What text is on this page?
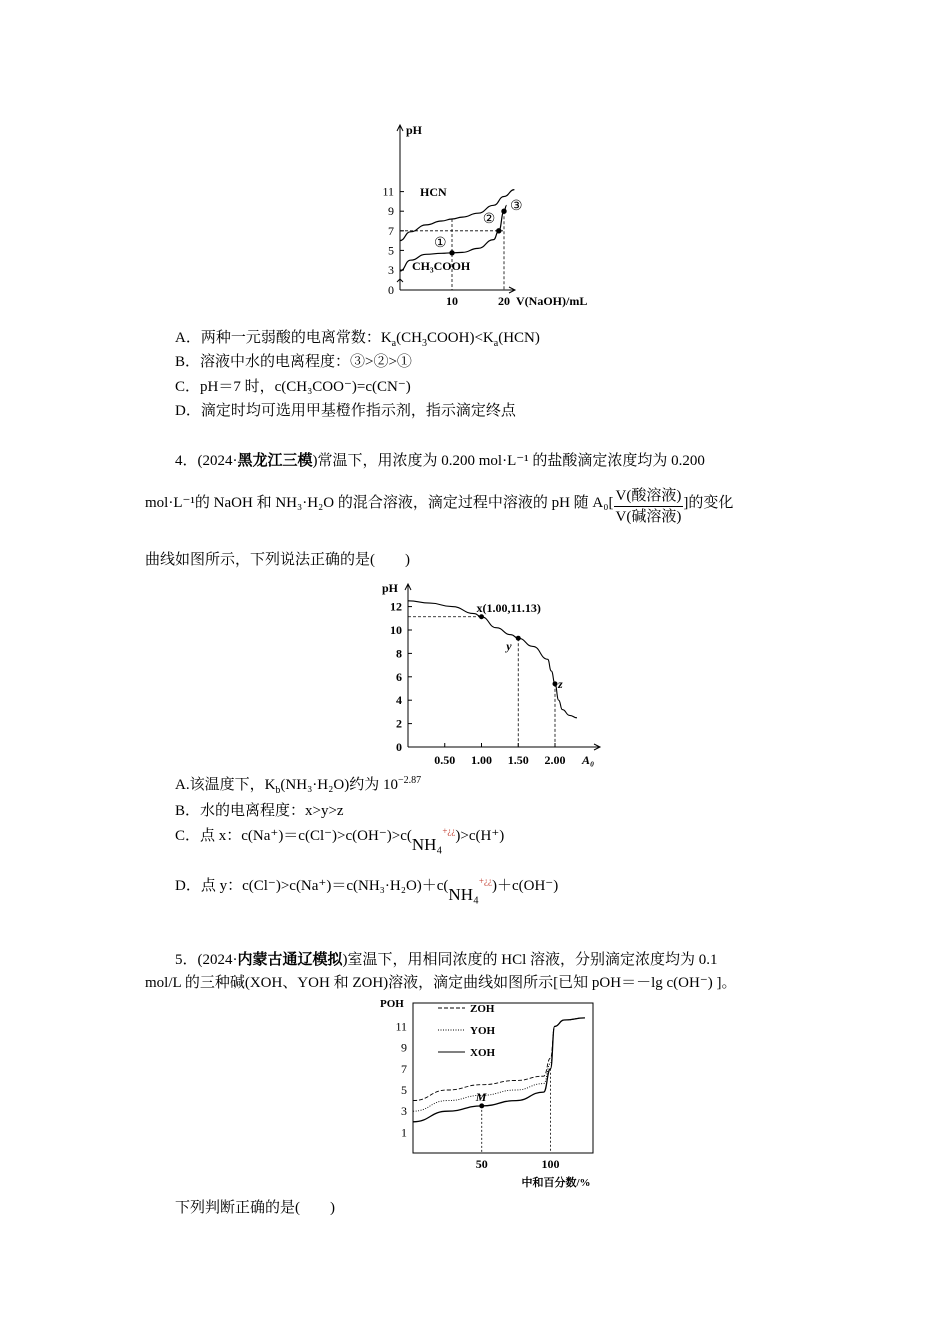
pH
11
9
7
5
3
0
10	20 V(NaOH)/mL
①
②
③
HCN
CH₃COOH
A．两种一元弱酸的电离常数：$K_a(CH_3COOH)<K_a(HCN)$
B．溶液中水的电离程度：③>②>①
C．pH＝7 时，c(CH₃COO⁻)=c(CN⁻)
D．滴定时均可选用甲基橙作指示剂，指示滴定终点
4．(2024·黑龙江三模)常温下，用浓度为 0.200 mol·L⁻¹ 的盐酸滴定浓度均为 0.200
mol·L⁻¹的 NaOH 和 NH₃·H₂O 的混合溶液，滴定过程中溶液的 pH 随 $A_0[ \frac{\text{V(酸溶液)}}{\text{V(碱溶液)}}$ ]的变化
曲线如图所示，下列说法正确的是(　　)
pH
12
10
8
6
4
2
0
0.50 1.00 1.50 2.00 A₀
x(1.00,11.13)
y
z
A.该温度下，$K_b(NH_3\cdot H_2O)$约为 $10^{-2.87}$
B．水的电离程度：x>y>z
C．点 x：c(Na⁺)＝c(Cl⁻)>c(OH⁻)>c(NH₄+¿¿)>c(H⁺)
D．点 y：c(Cl⁻)>c(Na⁺)＝c(NH₃·H₂O)＋c(NH₄+¿¿)＋c(OH⁻)
5．(2024·内蒙古通辽模拟)室温下，用相同浓度的 HCl 溶液，分别滴定浓度均为 0.1
mol/L 的三种碱(XOH、YOH 和 ZOH)溶液，滴定曲线如图所示[已知 pOH＝－lg c(OH⁻) ]。
POH
11
9
7
5
3
1
50	100
中和百分数/%
ZOH
YOH
XOH
M
下列判断正确的是(　　)
